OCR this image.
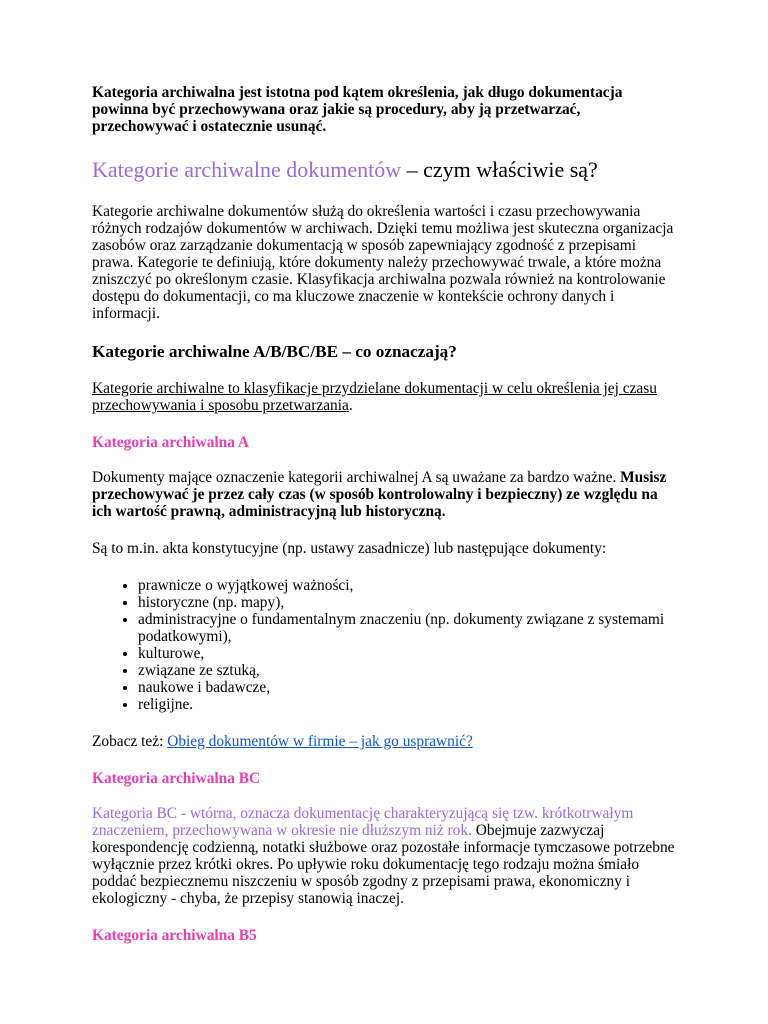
Kategoria archiwalna jest istotna pod kątem określenia, jak długo dokumentacja powinna być przechowywana oraz jakie są procedury, aby ją przetwarzać, przechowywać i ostatecznie usunąć.

Kategorie archiwalne dokumentów – czym właściwie są?

Kategorie archiwalne dokumentów służą do określenia wartości i czasu przechowywania różnych rodzajów dokumentów w archiwach. Dzięki temu możliwa jest skuteczna organizacja zasobów oraz zarządzanie dokumentacją w sposób zapewniający zgodność z przepisami prawa. Kategorie te definiują, które dokumenty należy przechowywać trwale, a które można zniszczyć po określonym czasie. Klasyfikacja archiwalna pozwala również na kontrolowanie dostępu do dokumentacji, co ma kluczowe znaczenie w kontekście ochrony danych i informacji.

Kategorie archiwalne A/B/BC/BE – co oznaczają?

Kategorie archiwalne to klasyfikacje przydzielane dokumentacji w celu określenia jej czasu przechowywania i sposobu przetwarzania.

Kategoria archiwalna A

Dokumenty mające oznaczenie kategorii archiwalnej A są uważane za bardzo ważne. Musisz przechowywać je przez cały czas (w sposób kontrolowalny i bezpieczny) ze względu na ich wartość prawną, administracyjną lub historyczną.

Są to m.in. akta konstytucyjne (np. ustawy zasadnicze) lub następujące dokumenty:

• prawnicze o wyjątkowej ważności,
• historyczne (np. mapy),
• administracyjne o fundamentalnym znaczeniu (np. dokumenty związane z systemami podatkowymi),
• kulturowe,
• związane ze sztuką,
• naukowe i badawcze,
• religijne.

Zobacz też: Obieg dokumentów w firmie – jak go usprawnić?

Kategoria archiwalna BC

Kategoria BC - wtórna, oznacza dokumentację charakteryzującą się tzw. krótkotrwałym znaczeniem, przechowywana w okresie nie dłuższym niż rok. Obejmuje zazwyczaj korespondencję codzienną, notatki służbowe oraz pozostałe informacje tymczasowe potrzebne wyłącznie przez krótki okres. Po upływie roku dokumentację tego rodzaju można śmiało poddać bezpiecznemu niszczeniu w sposób zgodny z przepisami prawa, ekonomiczny i ekologiczny - chyba, że przepisy stanowią inaczej.

Kategoria archiwalna B5
